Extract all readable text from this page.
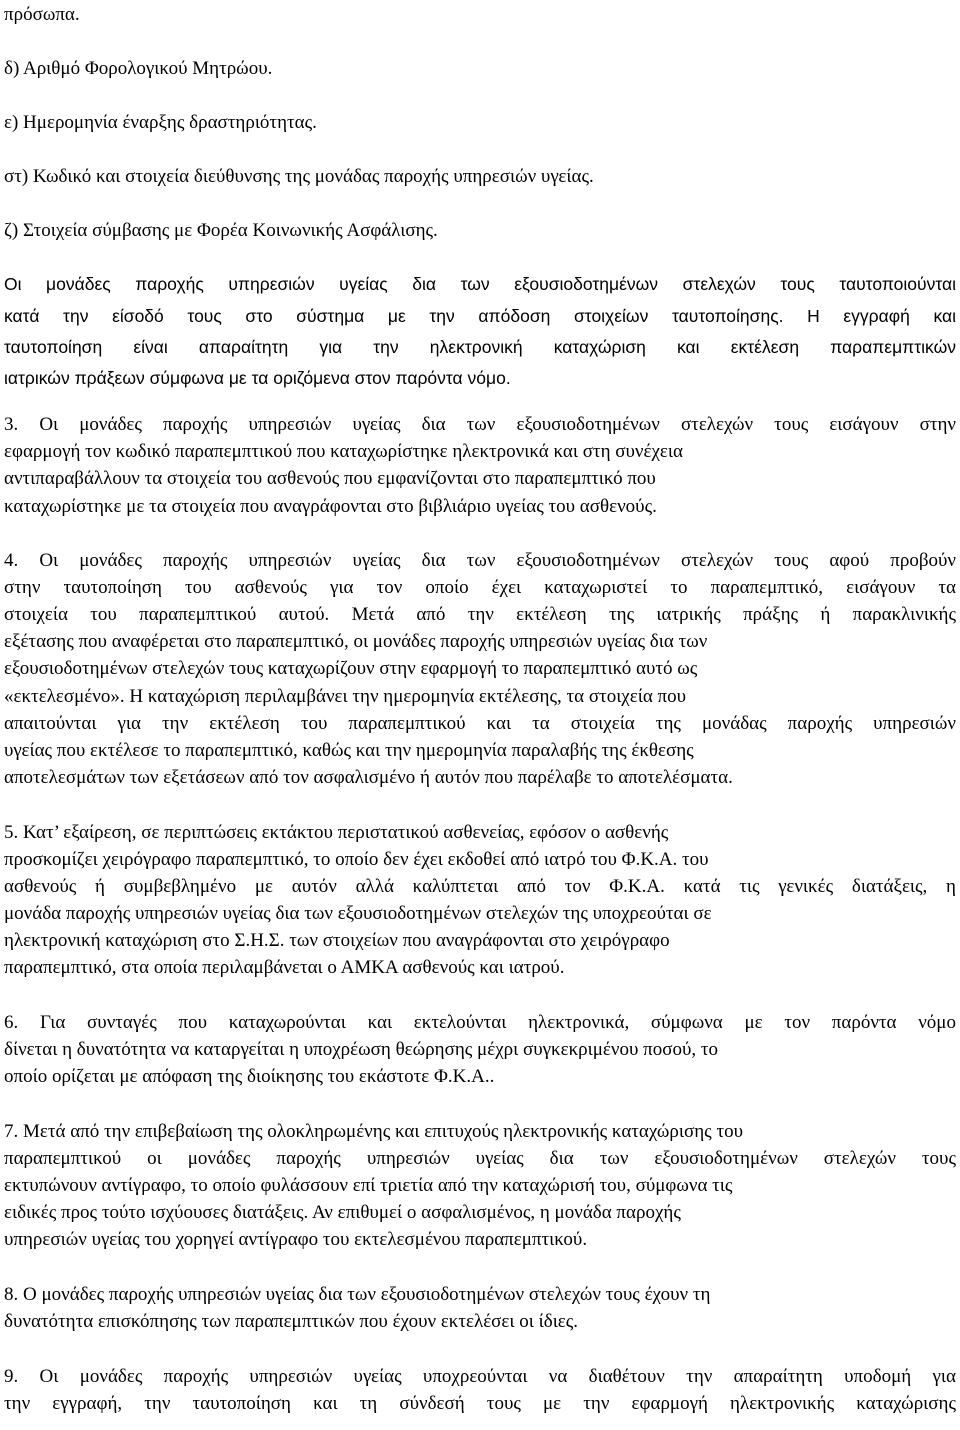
πρόσωπα.
δ) Αριθμό Φορολογικού Μητρώου.
ε) Ημερομηνία έναρξης δραστηριότητας.
στ) Κωδικό και στοιχεία διεύθυνσης της μονάδας παροχής υπηρεσιών υγείας.
ζ) Στοιχεία σύμβασης με Φορέα Κοινωνικής Ασφάλισης.
Οι μονάδες παροχής υπηρεσιών υγείας δια των εξουσιοδοτημένων στελεχών τους ταυτοποιούνται
κατά την είσοδό τους στο σύστημα με την απόδοση στοιχείων ταυτοποίησης. Η εγγραφή και
ταυτοποίηση είναι απαραίτητη για την ηλεκτρονική καταχώριση και εκτέλεση παραπεμπτικών
ιατρικών πράξεων σύμφωνα με τα οριζόμενα στον παρόντα νόμο.
3. Οι μονάδες παροχής υπηρεσιών υγείας δια των εξουσιοδοτημένων στελεχών τους εισάγουν στην
εφαρμογή τον κωδικό παραπεμπτικού που καταχωρίστηκε ηλεκτρονικά και στη συνέχεια
αντιπαραβάλλουν τα στοιχεία του ασθενούς που εμφανίζονται στο παραπεμπτικό που
καταχωρίστηκε με τα στοιχεία που αναγράφονται στο βιβλιάριο υγείας του ασθενούς.
4. Οι μονάδες παροχής υπηρεσιών υγείας δια των εξουσιοδοτημένων στελεχών τους αφού προβούν
στην ταυτοποίηση του ασθενούς για τον οποίο έχει καταχωριστεί το παραπεμπτικό, εισάγουν τα
στοιχεία του παραπεμπτικού αυτού. Μετά από την εκτέλεση της ιατρικής πράξης ή παρακλινικής
εξέτασης που αναφέρεται στο παραπεμπτικό, οι μονάδες παροχής υπηρεσιών υγείας δια των
εξουσιοδοτημένων στελεχών τους καταχωρίζουν στην εφαρμογή το παραπεμπτικό αυτό ως
«εκτελεσμένο». Η καταχώριση περιλαμβάνει την ημερομηνία εκτέλεσης, τα στοιχεία που
απαιτούνται για την εκτέλεση του παραπεμπτικού και τα στοιχεία της μονάδας παροχής υπηρεσιών
υγείας που εκτέλεσε το παραπεμπτικό, καθώς και την ημερομηνία παραλαβής της έκθεσης
αποτελεσμάτων των εξετάσεων από τον ασφαλισμένο ή αυτόν που παρέλαβε το αποτελέσματα.
5. Κατ’ εξαίρεση, σε περιπτώσεις εκτάκτου περιστατικού ασθενείας, εφόσον ο ασθενής
προσκομίζει χειρόγραφο παραπεμπτικό, το οποίο δεν έχει εκδοθεί από ιατρό του Φ.Κ.Α. του
ασθενούς ή συμβεβλημένο με αυτόν αλλά καλύπτεται από τον Φ.Κ.Α. κατά τις γενικές διατάξεις, η
μονάδα παροχής υπηρεσιών υγείας δια των εξουσιοδοτημένων στελεχών της υποχρεούται σε
ηλεκτρονική καταχώριση στο Σ.Η.Σ. των στοιχείων που αναγράφονται στο χειρόγραφο
παραπεμπτικό, στα οποία περιλαμβάνεται ο ΑΜΚΑ ασθενούς και ιατρού.
6. Για συνταγές που καταχωρούνται και εκτελούνται ηλεκτρονικά, σύμφωνα με τον παρόντα νόμο
δίνεται η δυνατότητα να καταργείται η υποχρέωση θεώρησης μέχρι συγκεκριμένου ποσού, το
οποίο ορίζεται με απόφαση της διοίκησης του εκάστοτε Φ.Κ.Α..
7. Μετά από την επιβεβαίωση της ολοκληρωμένης και επιτυχούς ηλεκτρονικής καταχώρισης του
παραπεμπτικού οι μονάδες παροχής υπηρεσιών υγείας δια των εξουσιοδοτημένων στελεχών τους
εκτυπώνουν αντίγραφο, το οποίο φυλάσσουν επί τριετία από την καταχώρισή του, σύμφωνα τις
ειδικές προς τούτο ισχύουσες διατάξεις. Αν επιθυμεί ο ασφαλισμένος, η μονάδα παροχής
υπηρεσιών υγείας του χορηγεί αντίγραφο του εκτελεσμένου παραπεμπτικού.
8. Ο μονάδες παροχής υπηρεσιών υγείας δια των εξουσιοδοτημένων στελεχών τους έχουν τη
δυνατότητα επισκόπησης των παραπεμπτικών που έχουν εκτελέσει οι ίδιες.
9. Οι μονάδες παροχής υπηρεσιών υγείας υποχρεούνται να διαθέτουν την απαραίτητη υποδομή για
την εγγραφή, την ταυτοποίηση και τη σύνδεσή τους με την εφαρμογή ηλεκτρονικής καταχώρισης
